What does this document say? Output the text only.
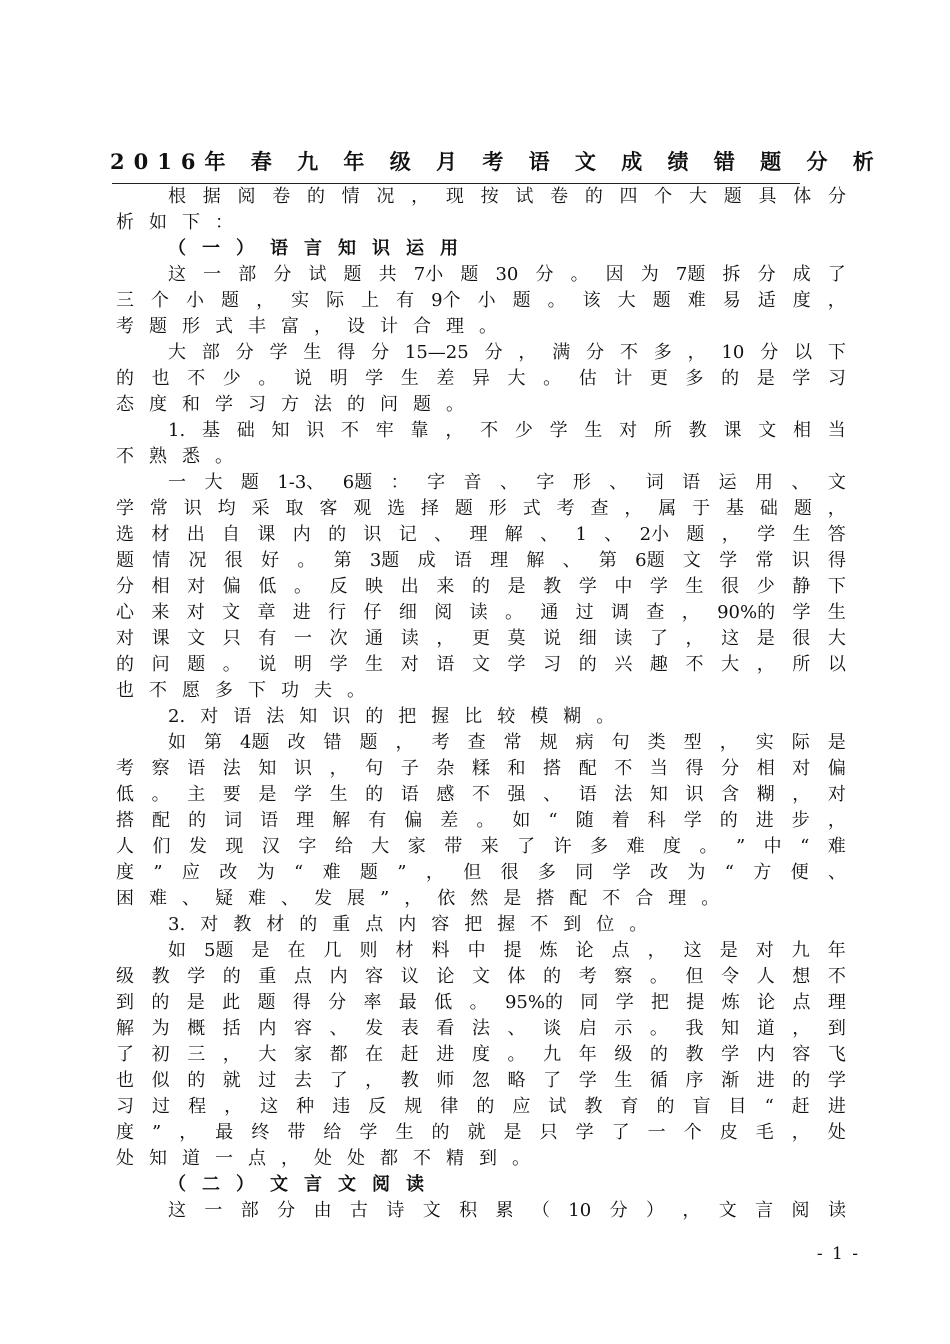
2016年 春 九 年 级 月 考 语 文 成 绩 错 题 分 析
根 据 阅 卷 的 情 况 ， 现 按 试 卷 的 四 个 大 题 具 体 分
析 如 下 ：
（ 一 ） 语 言 知 识 运 用
这 一 部 分 试 题 共 7小 题 30 分 。 因 为 7题 拆 分 成 了
三 个 小 题 ， 实 际 上 有 9个 小 题 。 该 大 题 难 易 适 度 ，
考 题 形 式 丰 富 ， 设 计 合 理 。
大 部 分 学 生 得 分 15—25 分 ， 满 分 不 多 ， 10 分 以 下
的 也 不 少 。 说 明 学 生 差 异 大 。 估 计 更 多 的 是 学 习
态 度 和 学 习 方 法 的 问 题 。
1. 基 础 知 识 不 牢 靠 ， 不 少 学 生 对 所 教 课 文 相 当
不 熟 悉 。
一 大 题 1-3、 6题 ： 字 音 、 字 形 、 词 语 运 用 、 文
学 常 识 均 采 取 客 观 选 择 题 形 式 考 查 ， 属 于 基 础 题 ，
选 材 出 自 课 内 的 识 记 、 理 解 、 1 、 2小 题 ， 学 生 答
题 情 况 很 好 。 第 3题 成 语 理 解 、 第 6题 文 学 常 识 得
分 相 对 偏 低 。 反 映 出 来 的 是 教 学 中 学 生 很 少 静 下
心 来 对 文 章 进 行 仔 细 阅 读 。 通 过 调 查 ， 90%的 学 生
对 课 文 只 有 一 次 通 读 ， 更 莫 说 细 读 了 ， 这 是 很 大
的 问 题 。 说 明 学 生 对 语 文 学 习 的 兴 趣 不 大 ， 所 以
也 不 愿 多 下 功 夫 。
2. 对 语 法 知 识 的 把 握 比 较 模 糊 。
如 第 4题 改 错 题 ， 考 查 常 规 病 句 类 型 ， 实 际 是
考 察 语 法 知 识 ， 句 子 杂 糅 和 搭 配 不 当 得 分 相 对 偏
低 。 主 要 是 学 生 的 语 感 不 强 、 语 法 知 识 含 糊 ， 对
搭 配 的 词 语 理 解 有 偏 差 。 如 “ 随 着 科 学 的 进 步 ，
人 们 发 现 汉 字 给 大 家 带 来 了 许 多 难 度 。 ” 中 “ 难
度 ” 应 改 为 “ 难 题 ” ， 但 很 多 同 学 改 为 “ 方 便 、
困 难 、 疑 难 、 发 展 ” ， 依 然 是 搭 配 不 合 理 。
3. 对 教 材 的 重 点 内 容 把 握 不 到 位 。
如 5题 是 在 几 则 材 料 中 提 炼 论 点 ， 这 是 对 九 年
级 教 学 的 重 点 内 容 议 论 文 体 的 考 察 。 但 令 人 想 不
到 的 是 此 题 得 分 率 最 低 。 95%的 同 学 把 提 炼 论 点 理
解 为 概 括 内 容 、 发 表 看 法 、 谈 启 示 。 我 知 道 ， 到
了 初 三 ， 大 家 都 在 赶 进 度 。 九 年 级 的 教 学 内 容 飞
也 似 的 就 过 去 了 ， 教 师 忽 略 了 学 生 循 序 渐 进 的 学
习 过 程 ， 这 种 违 反 规 律 的 应 试 教 育 的 盲 目 “ 赶 进
度 ” ， 最 终 带 给 学 生 的 就 是 只 学 了 一 个 皮 毛 ， 处
处 知 道 一 点 ， 处 处 都 不 精 到 。
（ 二 ） 文 言 文 阅 读
这 一 部 分 由 古 诗 文 积 累 （ 10 分 ） ， 文 言 阅 读
- 1 -
